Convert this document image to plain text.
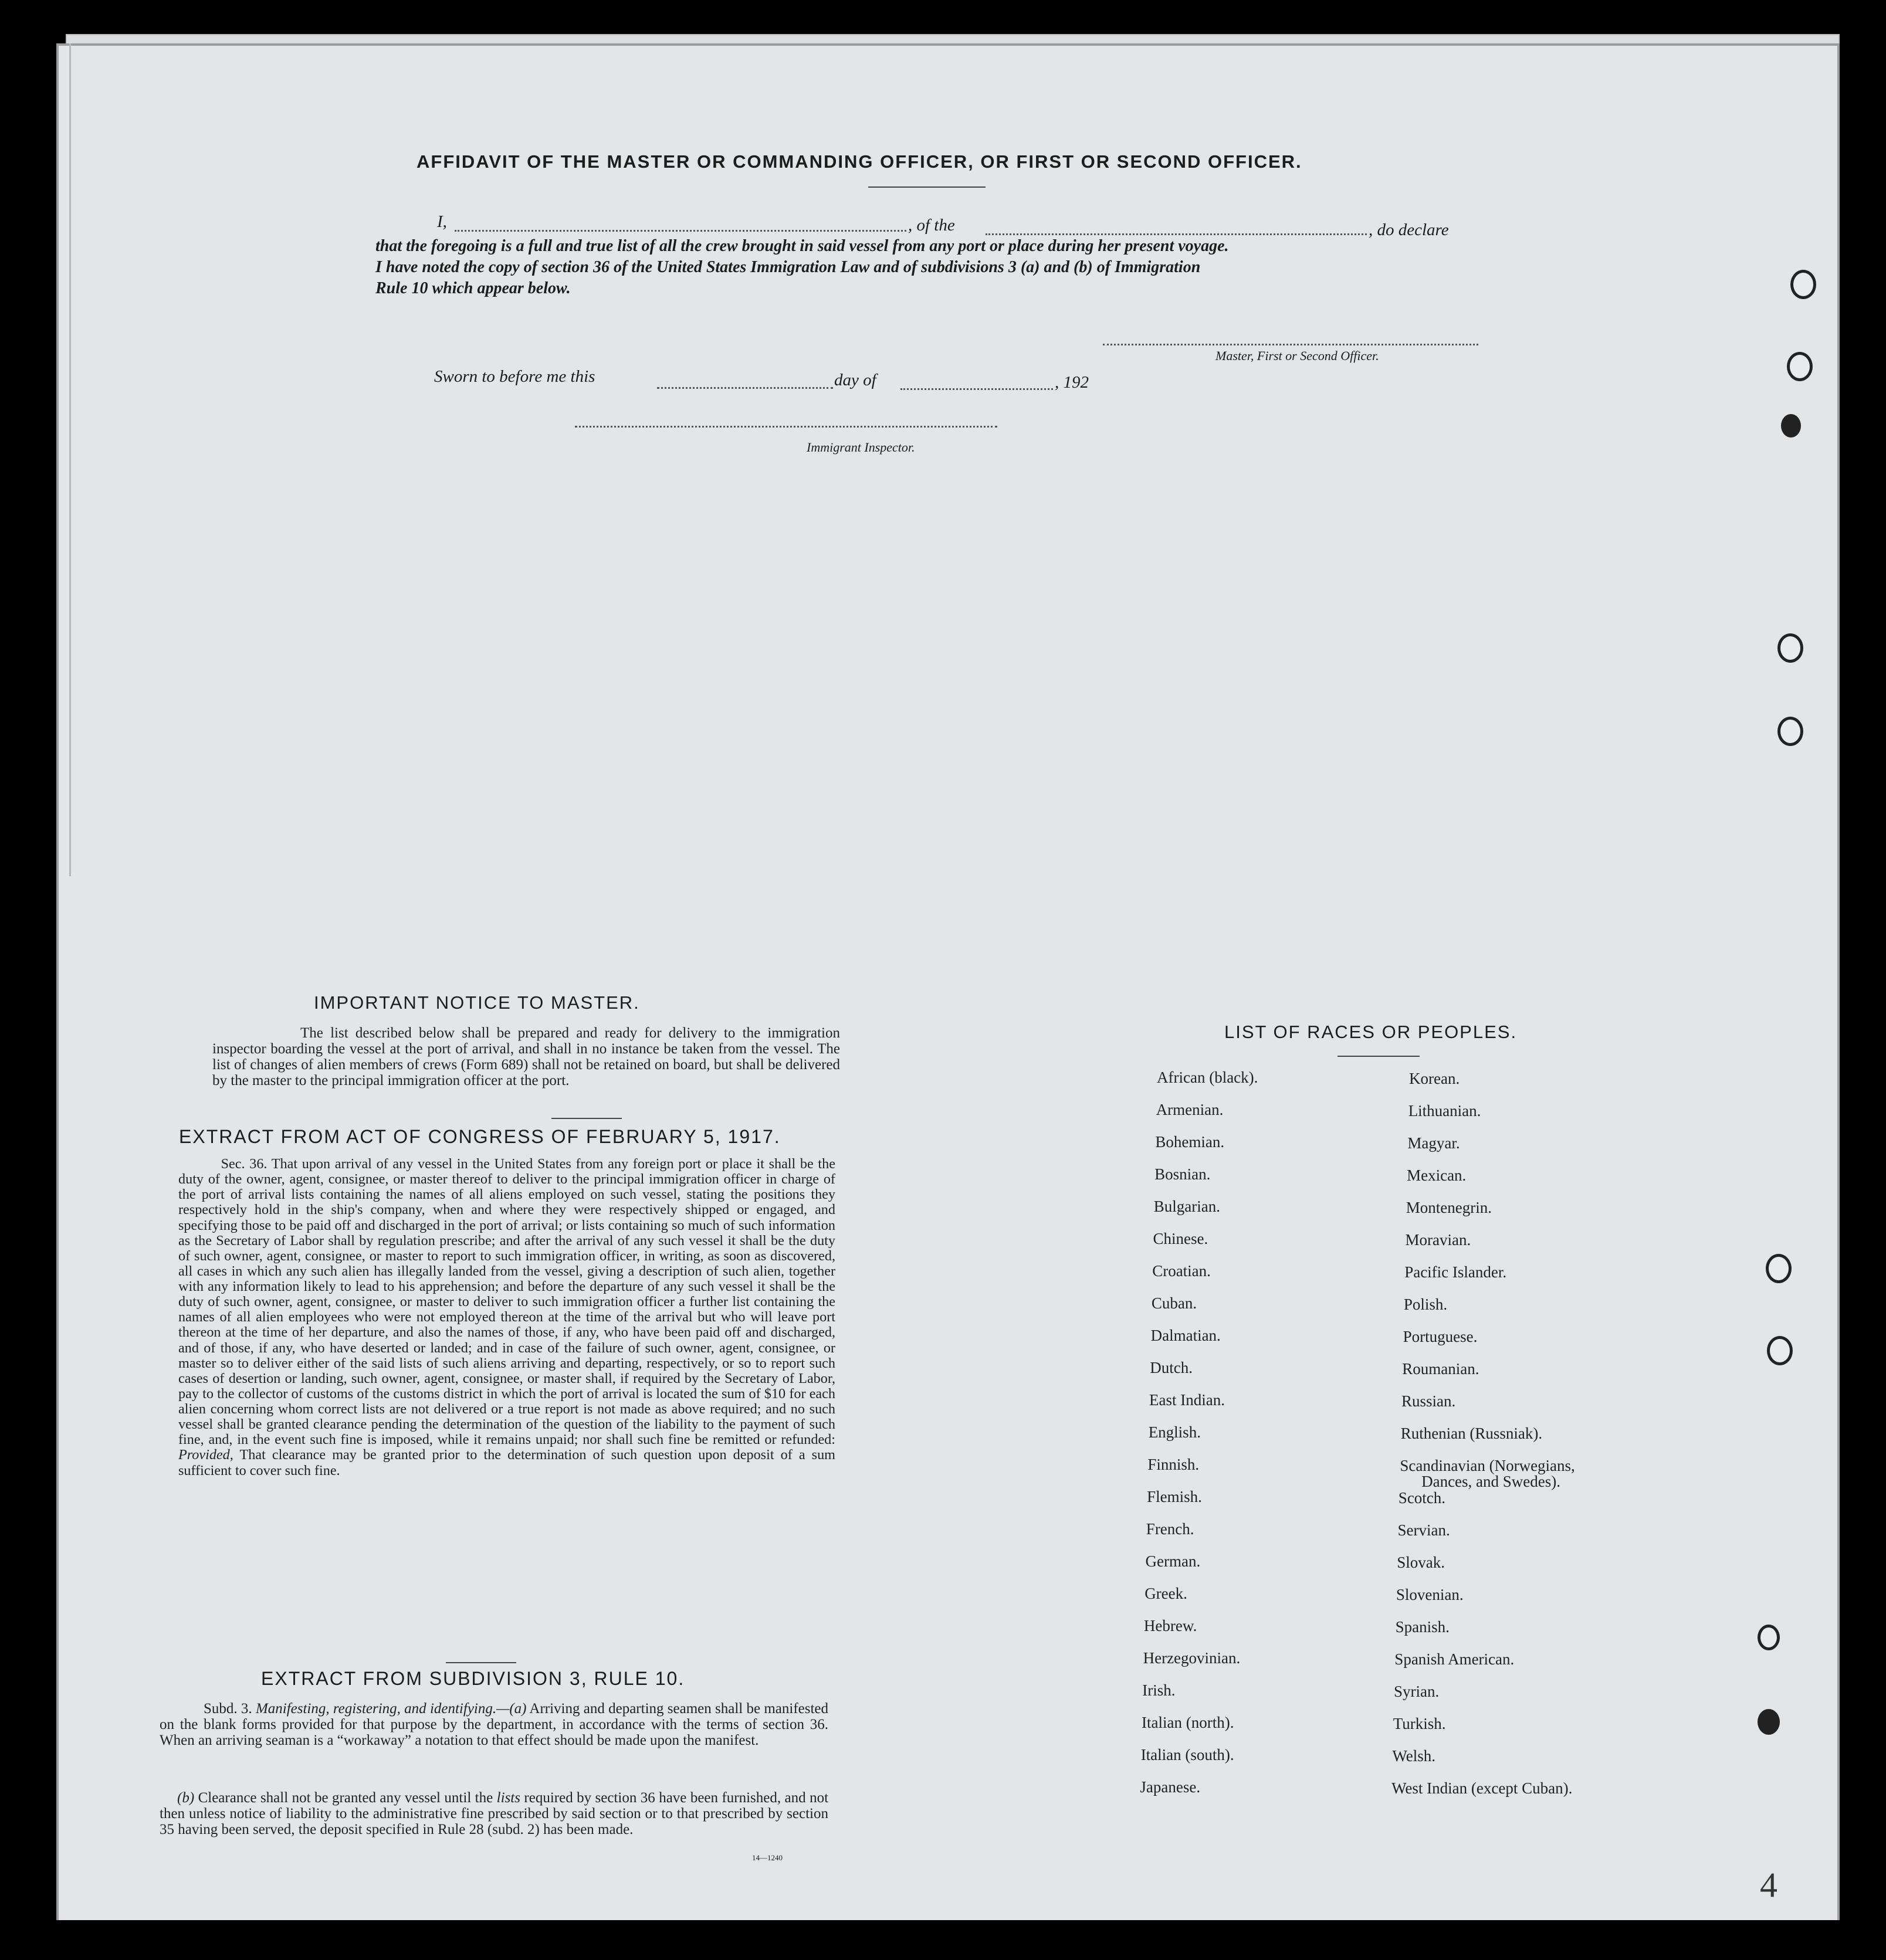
AFFIDAVIT OF THE MASTER OR COMMANDING OFFICER, OR FIRST OR SECOND OFFICER.
I,	, of the	, do declare
that the foregoing is a full and true list of all the crew brought in said vessel from any port or place during her present voyage.
I have noted the copy of section 36 of the United States Immigration Law and of subdivisions 3 (a) and (b) of Immigration
Rule 10 which appear below.
Master, First or Second Officer.
Sworn to before me this	day of	, 192
Immigrant Inspector.
IMPORTANT NOTICE TO MASTER.
The list described below shall be prepared and ready for delivery to the immigration inspector boarding the vessel at the port of arrival, and shall in no instance be taken from the vessel. The list of changes of alien members of crews (Form 689) shall not be retained on board, but shall be delivered by the master to the principal immigration officer at the port.
EXTRACT FROM ACT OF CONGRESS OF FEBRUARY 5, 1917.
Sec. 36. That upon arrival of any vessel in the United States from any foreign port or place it shall be the duty of the owner, agent, consignee, or master thereof to deliver to the principal immigration officer in charge of the port of arrival lists containing the names of all aliens employed on such vessel, stating the positions they respectively hold in the ship's company, when and where they were respectively shipped or engaged, and specifying those to be paid off and discharged in the port of arrival; or lists containing so much of such information as the Secretary of Labor shall by regulation prescribe; and after the arrival of any such vessel it shall be the duty of such owner, agent, consignee, or master to report to such immigration officer, in writing, as soon as discovered, all cases in which any such alien has illegally landed from the vessel, giving a description of such alien, together with any information likely to lead to his apprehension; and before the departure of any such vessel it shall be the duty of such owner, agent, consignee, or master to deliver to such immigration officer a further list containing the names of all alien employees who were not employed thereon at the time of the arrival but who will leave port thereon at the time of her departure, and also the names of those, if any, who have been paid off and discharged, and of those, if any, who have deserted or landed; and in case of the failure of such owner, agent, consignee, or master so to deliver either of the said lists of such aliens arriving and departing, respectively, or so to report such cases of desertion or landing, such owner, agent, consignee, or master shall, if required by the Secretary of Labor, pay to the collector of customs of the customs district in which the port of arrival is located the sum of $10 for each alien concerning whom correct lists are not delivered or a true report is not made as above required; and no such vessel shall be granted clearance pending the determination of the question of the liability to the payment of such fine, and, in the event such fine is imposed, while it remains unpaid; nor shall such fine be remitted or refunded: Provided, That clearance may be granted prior to the determination of such question upon deposit of a sum sufficient to cover such fine.
EXTRACT FROM SUBDIVISION 3, RULE 10.
Subd. 3. Manifesting, registering, and identifying.—(a) Arriving and departing seamen shall be manifested on the blank forms provided for that purpose by the department, in accordance with the terms of section 36. When an arriving seaman is a “workaway” a notation to that effect should be made upon the manifest.
(b) Clearance shall not be granted any vessel until the lists required by section 36 have been furnished, and not then unless notice of liability to the administrative fine prescribed by said section or to that prescribed by section 35 having been served, the deposit specified in Rule 28 (subd. 2) has been made.
14—1240
LIST OF RACES OR PEOPLES.
African (black).
Armenian.
Bohemian.
Bosnian.
Bulgarian.
Chinese.
Croatian.
Cuban.
Dalmatian.
Dutch.
East Indian.
English.
Finnish.
Flemish.
French.
German.
Greek.
Hebrew.
Herzegovinian.
Irish.
Italian (north).
Italian (south).
Japanese.
Korean.
Lithuanian.
Magyar.
Mexican.
Montenegrin.
Moravian.
Pacific Islander.
Polish.
Portuguese.
Roumanian.
Russian.
Ruthenian (Russniak).
Scandinavian (Norwegians,
Dances, and Swedes).
Scotch.
Servian.
Slovak.
Slovenian.
Spanish.
Spanish American.
Syrian.
Turkish.
Welsh.
West Indian (except Cuban).
4
